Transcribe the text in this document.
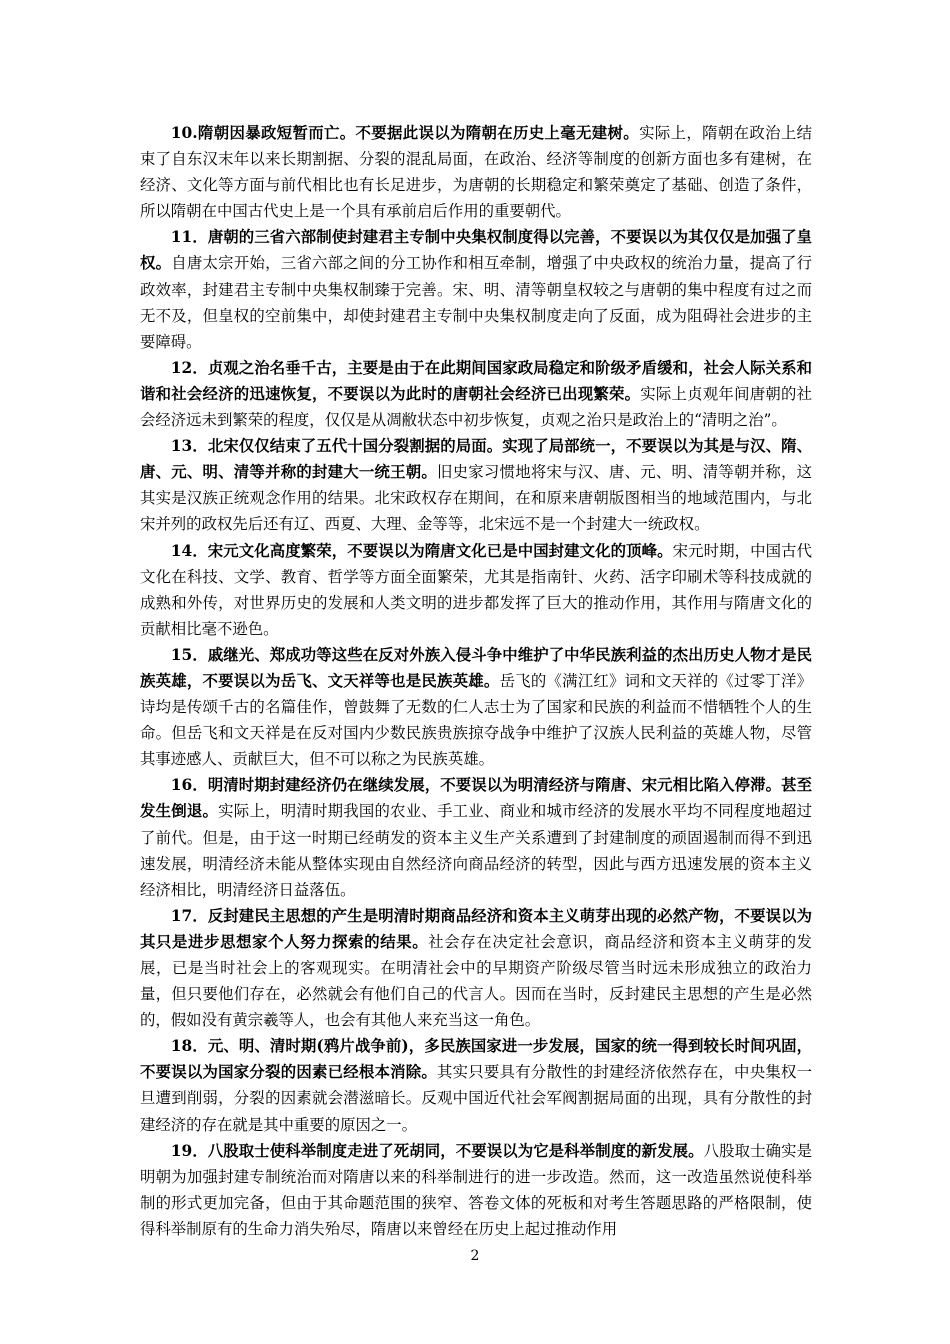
10.隋朝因暴政短暂而亡。不要据此误以为隋朝在历史上毫无建树。实际上，隋朝在政治上结束了自东汉末年以来长期割据、分裂的混乱局面，在政治、经济等制度的创新方面也多有建树，在经济、文化等方面与前代相比也有长足进步，为唐朝的长期稳定和繁荣奠定了基础、创造了条件，所以隋朝在中国古代史上是一个具有承前启后作用的重要朝代。

11．唐朝的三省六部制使封建君主专制中央集权制度得以完善，不要误以为其仅仅是加强了皇权。自唐太宗开始，三省六部之间的分工协作和相互牵制，增强了中央政权的统治力量，提高了行政效率，封建君主专制中央集权制臻于完善。宋、明、清等朝皇权较之与唐朝的集中程度有过之而无不及，但皇权的空前集中，却使封建君主专制中央集权制度走向了反面，成为阻碍社会进步的主要障碍。

12．贞观之治名垂千古，主要是由于在此期间国家政局稳定和阶级矛盾缓和，社会人际关系和谐和社会经济的迅速恢复，不要误以为此时的唐朝社会经济已出现繁荣。实际上贞观年间唐朝的社会经济远未到繁荣的程度，仅仅是从凋敝状态中初步恢复，贞观之治只是政治上的“清明之治”。

13．北宋仅仅结束了五代十国分裂割据的局面。实现了局部统一，不要误以为其是与汉、隋、唐、元、明、清等并称的封建大一统王朝。旧史家习惯地将宋与汉、唐、元、明、清等朝并称，这其实是汉族正统观念作用的结果。北宋政权存在期间，在和原来唐朝版图相当的地域范围内，与北宋并列的政权先后还有辽、西夏、大理、金等等，北宋远不是一个封建大一统政权。

14．宋元文化高度繁荣，不要误以为隋唐文化已是中国封建文化的顶峰。宋元时期，中国古代文化在科技、文学、教育、哲学等方面全面繁荣，尤其是指南针、火药、活字印刷术等科技成就的成熟和外传，对世界历史的发展和人类文明的进步都发挥了巨大的推动作用，其作用与隋唐文化的贡献相比毫不逊色。

15．戚继光、郑成功等这些在反对外族入侵斗争中维护了中华民族利益的杰出历史人物才是民族英雄，不要误以为岳飞、文天祥等也是民族英雄。岳飞的《满江红》词和文天祥的《过零丁洋》诗均是传颂千古的名篇佳作，曾鼓舞了无数的仁人志士为了国家和民族的利益而不惜牺牲个人的生命。但岳飞和文天祥是在反对国内少数民族贵族掠夺战争中维护了汉族人民利益的英雄人物，尽管其事迹感人、贡献巨大，但不可以称之为民族英雄。

16．明清时期封建经济仍在继续发展，不要误以为明清经济与隋唐、宋元相比陷入停滞。甚至发生倒退。实际上，明清时期我国的农业、手工业、商业和城市经济的发展水平均不同程度地超过了前代。但是，由于这一时期已经萌发的资本主义生产关系遭到了封建制度的顽固遏制而得不到迅速发展，明清经济未能从整体实现由自然经济向商品经济的转型，因此与西方迅速发展的资本主义经济相比，明清经济日益落伍。

17．反封建民主思想的产生是明清时期商品经济和资本主义萌芽出现的必然产物，不要误以为其只是进步思想家个人努力探索的结果。社会存在决定社会意识，商品经济和资本主义萌芽的发展，已是当时社会上的客观现实。在明清社会中的早期资产阶级尽管当时远未形成独立的政治力量，但只要他们存在，必然就会有他们自己的代言人。因而在当时，反封建民主思想的产生是必然的，假如没有黄宗羲等人，也会有其他人来充当这一角色。

18．元、明、清时期(鸦片战争前)，多民族国家进一步发展，国家的统一得到较长时间巩固，不要误以为国家分裂的因素已经根本消除。其实只要具有分散性的封建经济依然存在，中央集权一旦遭到削弱，分裂的因素就会潜滋暗长。反观中国近代社会军阀割据局面的出现，具有分散性的封建经济的存在就是其中重要的原因之一。

19．八股取士使科举制度走进了死胡同，不要误以为它是科举制度的新发展。八股取士确实是明朝为加强封建专制统治而对隋唐以来的科举制进行的进一步改造。然而，这一改造虽然说使科举制的形式更加完备，但由于其命题范围的狭窄、答卷文体的死板和对考生答题思路的严格限制，使得科举制原有的生命力消失殆尽，隋唐以来曾经在历史上起过推动作用

2
